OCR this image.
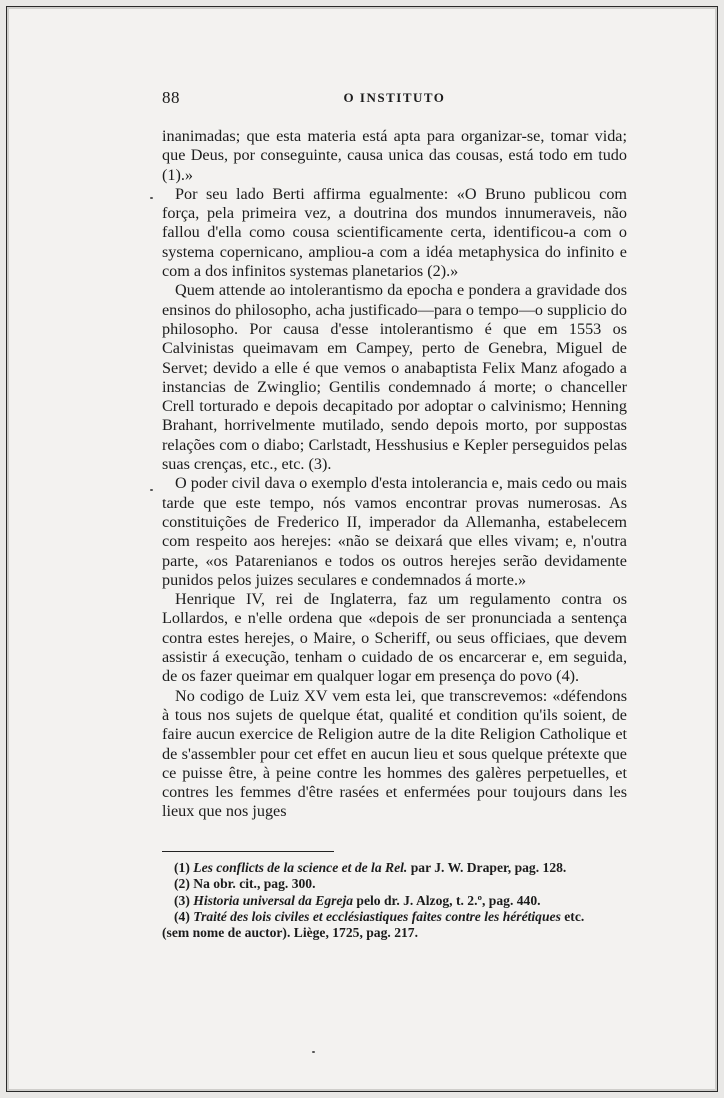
88	O INSTITUTO

inanimadas; que esta materia está apta para organizar-se, tomar vida; que Deus, por conseguinte, causa unica das cousas, está todo em tudo (1).»

Por seu lado Berti affirma egualmente: «O Bruno publicou com força, pela primeira vez, a doutrina dos mundos innumeraveis, não fallou d'ella como cousa scientificamente certa, identificou-a com o systema copernicano, ampliou-a com a idéa metaphysica do infinito e com a dos infinitos systemas planetarios (2).»

Quem attende ao intolerantismo da epocha e pondera a gravidade dos ensinos do philosopho, acha justificado—para o tempo—o supplicio do philosopho. Por causa d'esse intolerantismo é que em 1553 os Calvinistas queimavam em Campey, perto de Genebra, Miguel de Servet; devido a elle é que vemos o anabaptista Felix Manz afogado a instancias de Zwinglio; Gentilis condemnado á morte; o chanceller Crell torturado e depois decapitado por adoptar o calvinismo; Henning Brahant, horrivelmente mutilado, sendo depois morto, por suppostas relações com o diabo; Carlstadt, Hesshusius e Kepler perseguidos pelas suas crenças, etc., etc. (3).

O poder civil dava o exemplo d'esta intolerancia e, mais cedo ou mais tarde que este tempo, nós vamos encontrar provas numerosas. As constituições de Frederico II, imperador da Allemanha, estabelecem com respeito aos herejes: «não se deixará que elles vivam; e, n'outra parte, «os Patarenianos e todos os outros herejes serão devidamente punidos pelos juizes seculares e condemnados á morte.»

Henrique IV, rei de Inglaterra, faz um regulamento contra os Lollardos, e n'elle ordena que «depois de ser pronunciada a sentença contra estes herejes, o Maire, o Scheriff, ou seus officiaes, que devem assistir á execução, tenham o cuidado de os encarcerar e, em seguida, de os fazer queimar em qualquer logar em presença do povo (4).

No codigo de Luiz XV vem esta lei, que transcrevemos: «défendons à tous nos sujets de quelque état, qualité et condition qu'ils soient, de faire aucun exercice de Religion autre de la dite Religion Catholique et de s'assembler pour cet effet en aucun lieu et sous quelque prétexte que ce puisse être, à peine contre les hommes des galères perpetuelles, et contres les femmes d'être rasées et enfermées pour toujours dans les lieux que nos juges

(1) Les conflicts de la science et de la Rel. par J. W. Draper, pag. 128.

(2) Na obr. cit., pag. 300.

(3) Historia universal da Egreja pelo dr. J. Alzog, t. 2.º, pag. 440.

(4) Traité des lois civiles et ecclésiastiques faites contre les hérétiques etc.

(sem nome de auctor). Liège, 1725, pag. 217.
